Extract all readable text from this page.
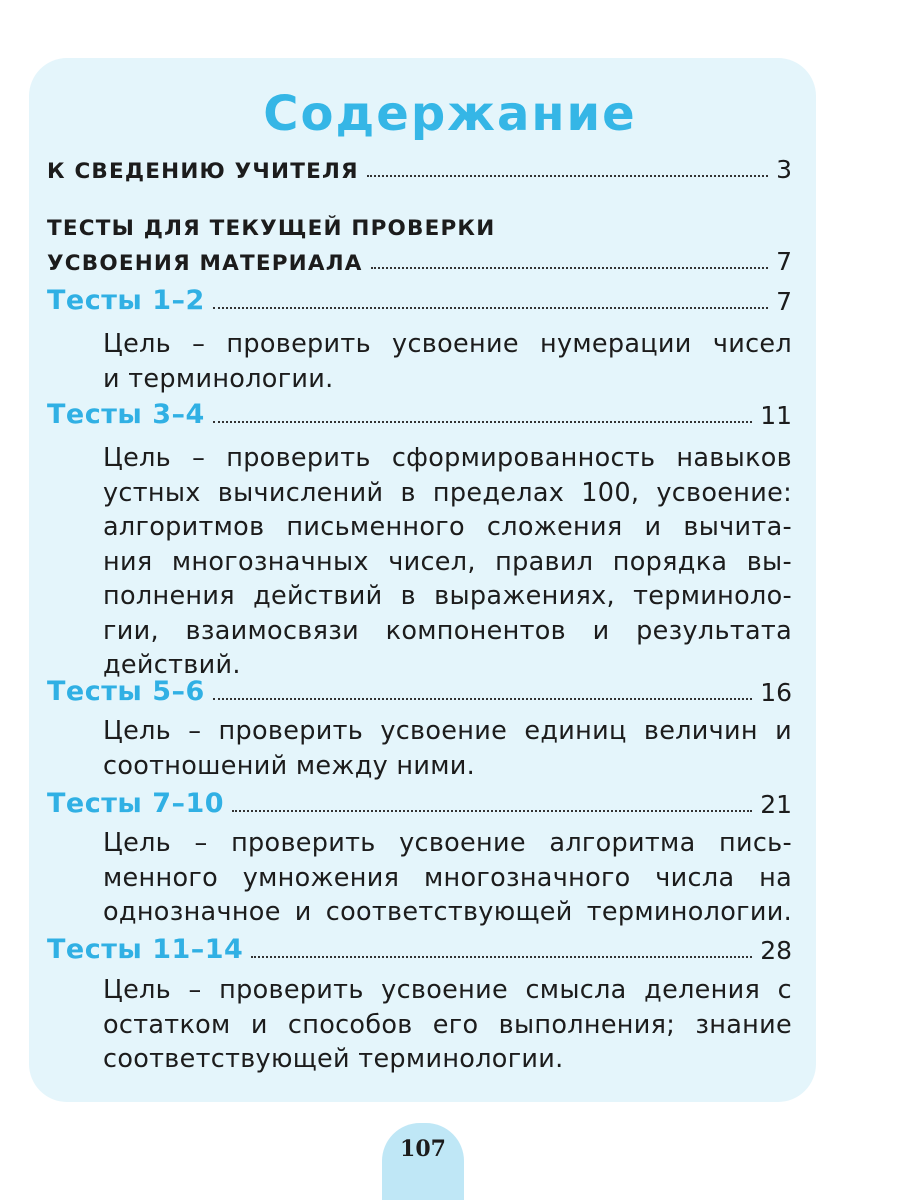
Содержание
К СВЕДЕНИЮ УЧИТЕЛЯ	3
ТЕСТЫ ДЛЯ ТЕКУЩЕЙ ПРОВЕРКИ
УСВОЕНИЯ МАТЕРИАЛА	7
Тесты 1–2	7
Цель – проверить усвоение нумерации чисел
и терминологии.
Тесты 3–4	11
Цель – проверить сформированность навыков
устных вычислений в пределах 100, усвоение:
алгоритмов письменного сложения и вычита-
ния многозначных чисел, правил порядка вы-
полнения действий в выражениях, терминоло-
гии, взаимосвязи компонентов и результата
действий.
Тесты 5–6	16
Цель – проверить усвоение единиц величин и
соотношений между ними.
Тесты 7–10	21
Цель – проверить усвоение алгоритма пись-
менного умножения многозначного числа на
однозначное и соответствующей терминологии.
Тесты 11–14	28
Цель – проверить усвоение смысла деления с
остатком и способов его выполнения; знание
соответствующей терминологии.
107
